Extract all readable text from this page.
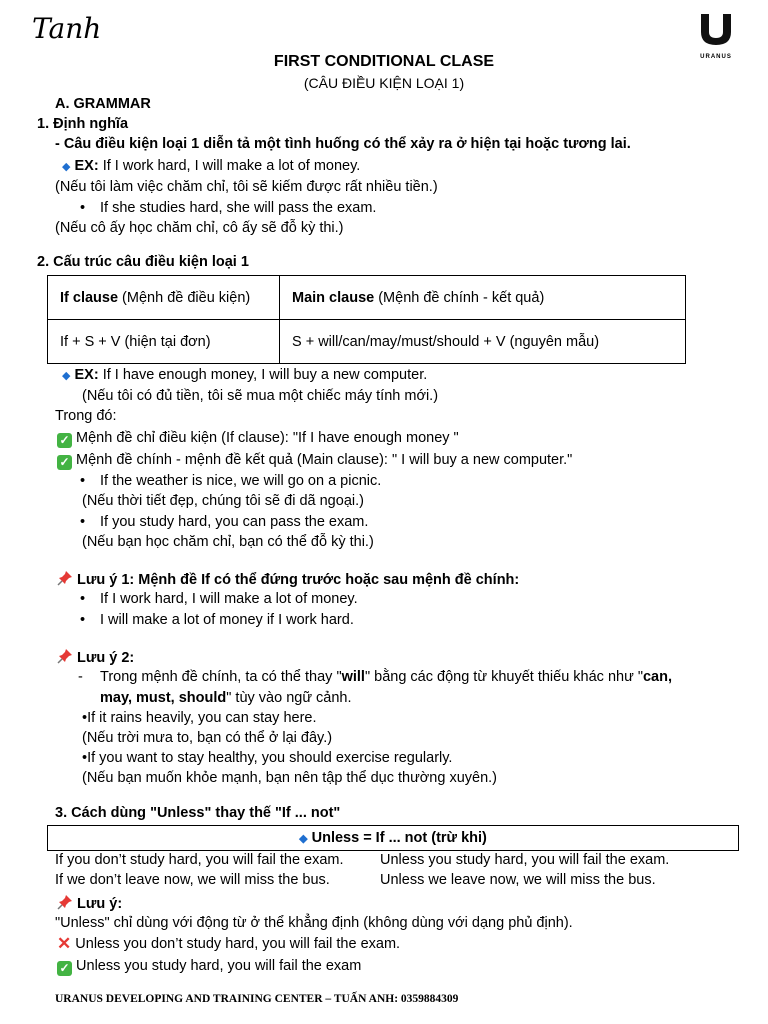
Tanh
URANUS
FIRST CONDITIONAL CLASE
(CÂU ĐIỀU KIỆN LOẠI 1)
A. GRAMMAR
1. Định nghĩa
- Câu điều kiện loại 1 diễn tả một tình huống có thể xảy ra ở hiện tại hoặc tương lai.
◆ EX: If I work hard, I will make a lot of money.
(Nếu tôi làm việc chăm chỉ, tôi sẽ kiếm được rất nhiều tiền.)
• If she studies hard, she will pass the exam.
(Nếu cô ấy học chăm chỉ, cô ấy sẽ đỗ kỳ thi.)
2. Cấu trúc câu điều kiện loại 1
If clause (Mệnh đề điều kiện)	Main clause (Mệnh đề chính - kết quả)
If + S + V (hiện tại đơn)	S + will/can/may/must/should + V (nguyên mẫu)
◆ EX: If I have enough money, I will buy a new computer.
(Nếu tôi có đủ tiền, tôi sẽ mua một chiếc máy tính mới.)
Trong đó:
✓ Mệnh đề chỉ điều kiện (If clause): "If I have enough money "
✓ Mệnh đề chính - mệnh đề kết quả (Main clause): " I will buy a new computer."
• If the weather is nice, we will go on a picnic.
(Nếu thời tiết đẹp, chúng tôi sẽ đi dã ngoại.)
• If you study hard, you can pass the exam.
(Nếu bạn học chăm chỉ, bạn có thể đỗ kỳ thi.)
Lưu ý 1: Mệnh đề If có thể đứng trước hoặc sau mệnh đề chính:
• If I work hard, I will make a lot of money.
• I will make a lot of money if I work hard.
Lưu ý 2:
- Trong mệnh đề chính, ta có thể thay "will" bằng các động từ khuyết thiếu khác như "can,
may, must, should" tùy vào ngữ cảnh.
•If it rains heavily, you can stay here.
(Nếu trời mưa to, bạn có thể ở lại đây.)
•If you want to stay healthy, you should exercise regularly.
(Nếu bạn muốn khỏe mạnh, bạn nên tập thể dục thường xuyên.)
3. Cách dùng "Unless" thay thế "If ... not"
◆ Unless = If ... not (trừ khi)
If you don’t study hard, you will fail the exam.	Unless you study hard, you will fail the exam.
If we don’t leave now, we will miss the bus.	Unless we leave now, we will miss the bus.
Lưu ý:
"Unless" chỉ dùng với động từ ở thể khẳng định (không dùng với dạng phủ định).
✕ Unless you don’t study hard, you will fail the exam.
✓ Unless you study hard, you will fail the exam
URANUS DEVELOPING AND TRAINING CENTER – TUẤN ANH: 0359884309
